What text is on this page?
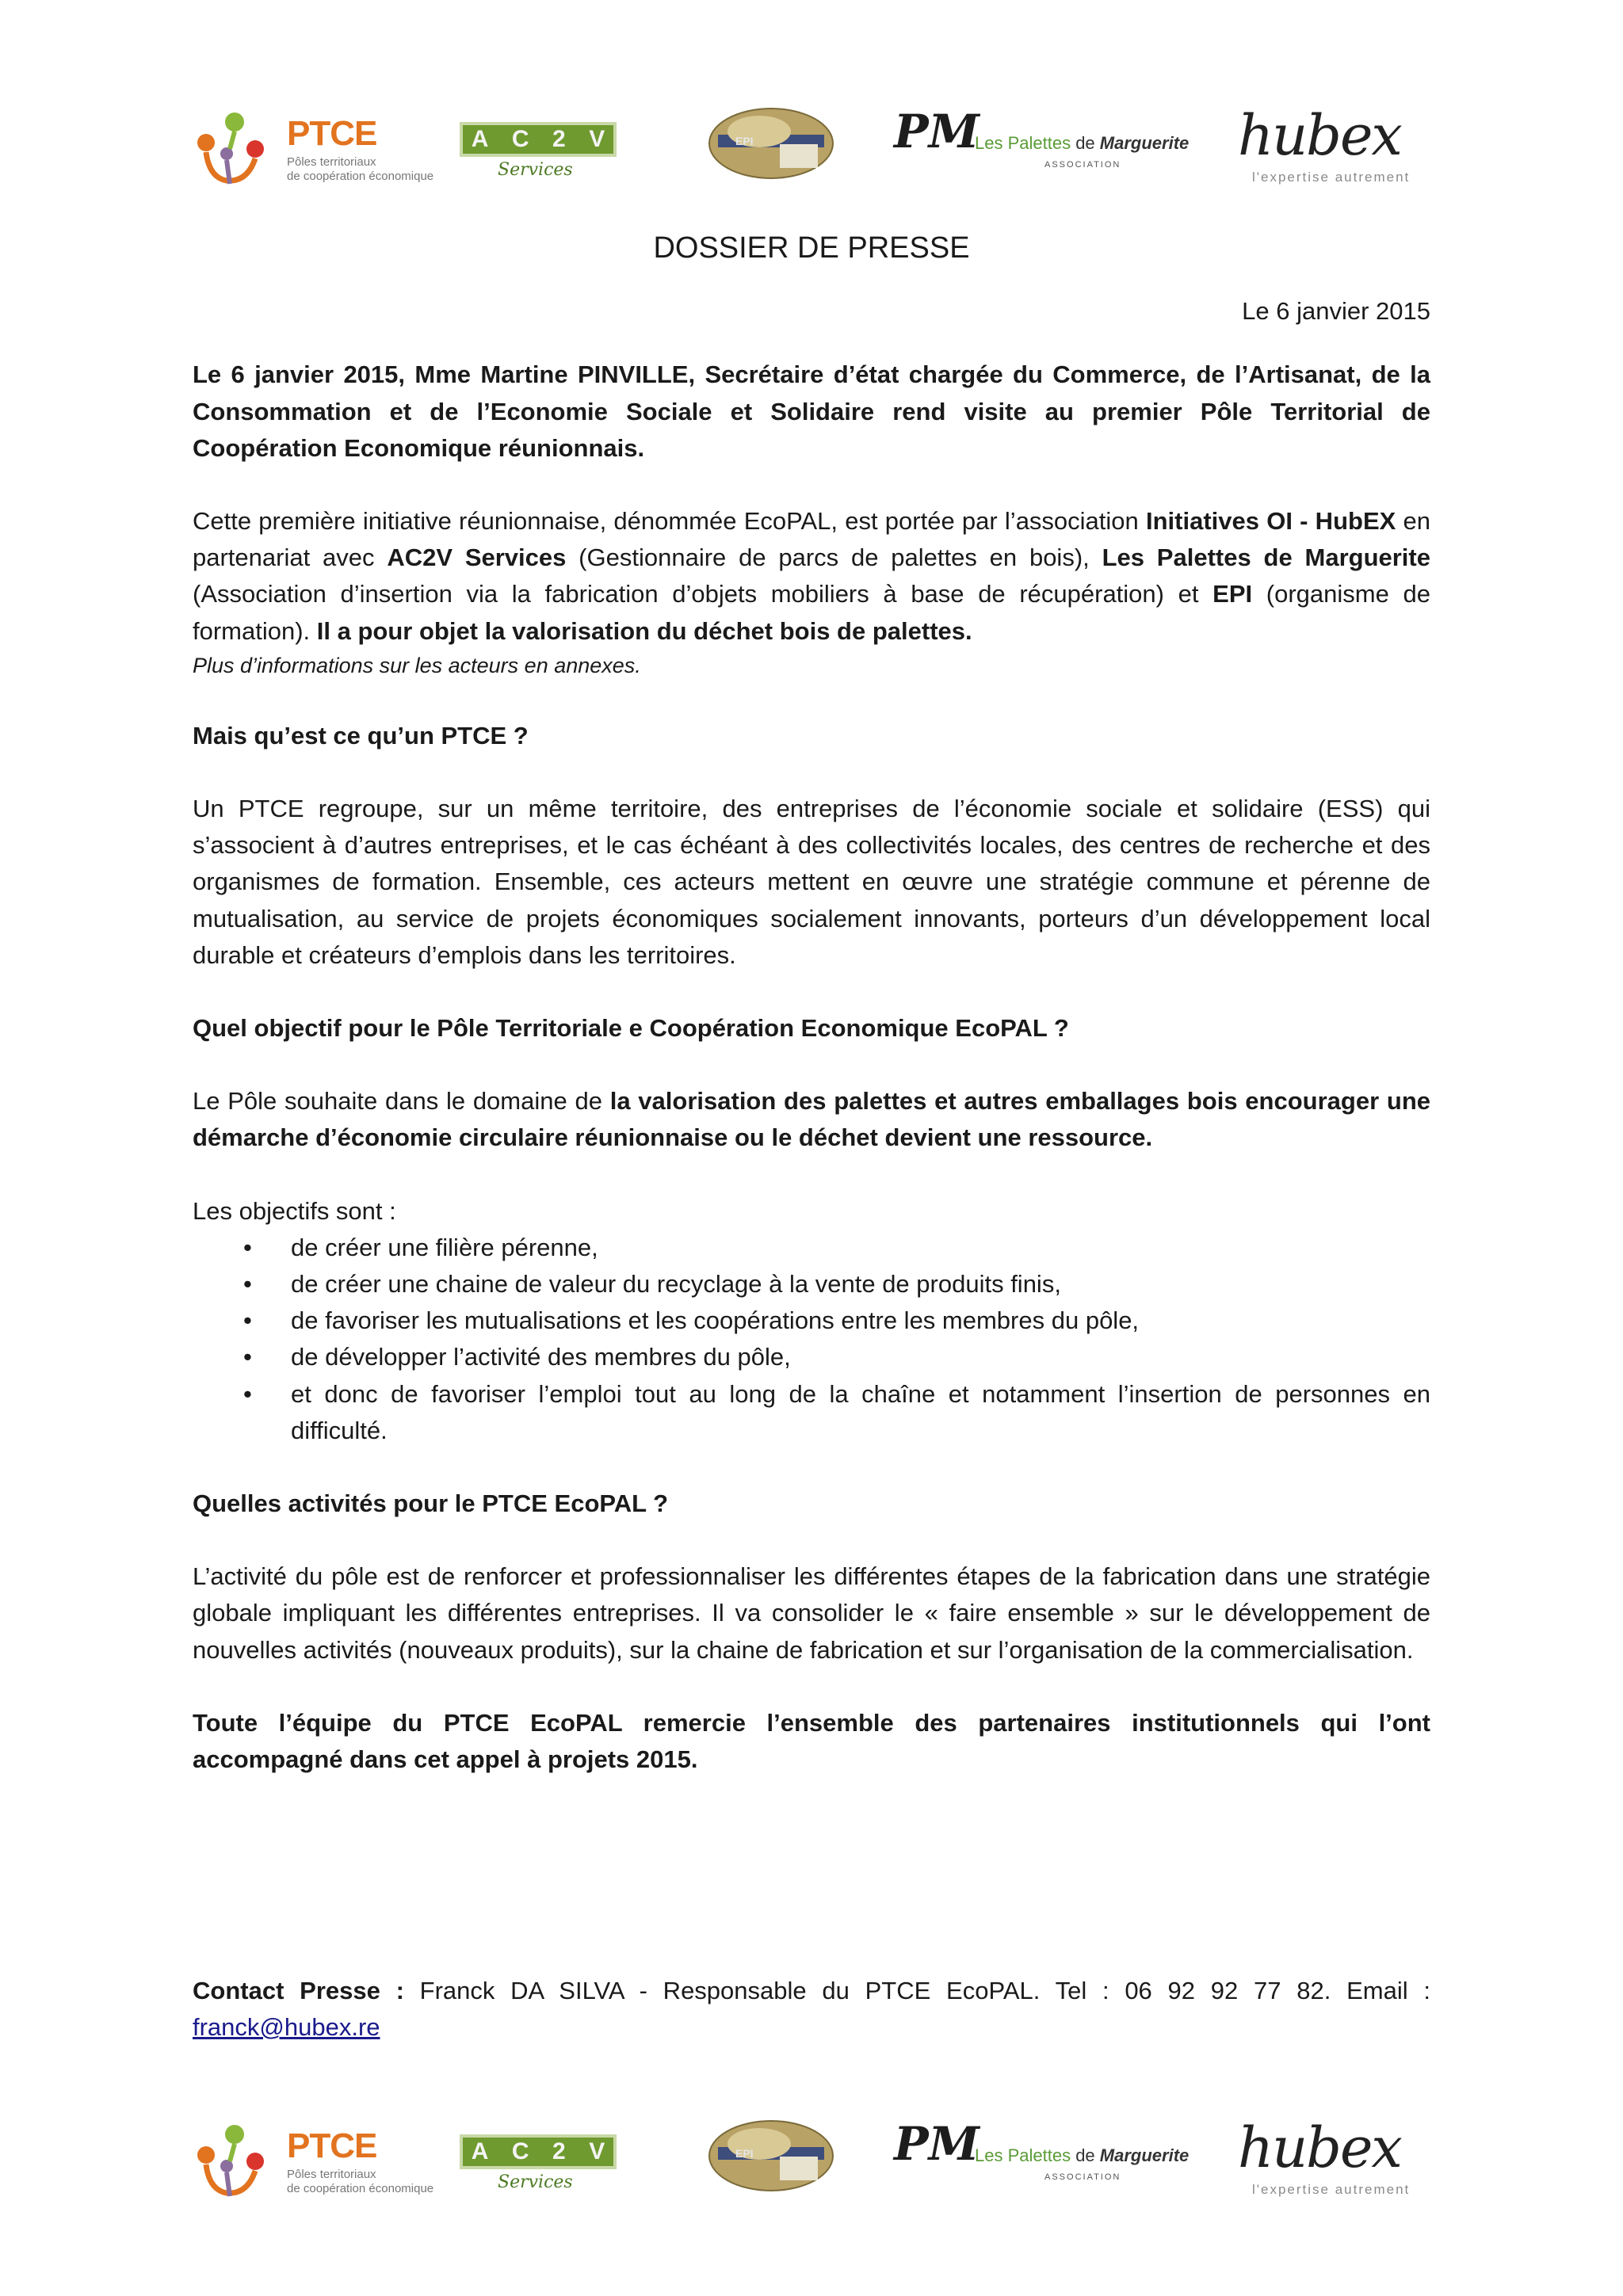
PTCE
Pôles territoriaux
de coopération économique
A C 2 V
Services
EPI	PM
Les Palettes de Marguerite
ASSOCIATION hubex
l'expertise autrement

DOSSIER DE PRESSE

Le 6 janvier 2015

Le 6 janvier 2015, Mme Martine PINVILLE, Secrétaire d’état chargée du Commerce, de l’Artisanat, de la Consommation et de l’Economie Sociale et Solidaire rend visite au premier Pôle Territorial de Coopération Economique réunionnais.

Cette première initiative réunionnaise, dénommée EcoPAL, est portée par l’association Initiatives OI - HubEX en partenariat avec AC2V Services (Gestionnaire de parcs de palettes en bois), Les Palettes de Marguerite (Association d’insertion via la fabrication d’objets mobiliers à base de récupération) et EPI (organisme de formation). Il a pour objet la valorisation du déchet bois de palettes.

Plus d’informations sur les acteurs en annexes.

Mais qu’est ce qu’un PTCE ?

Un PTCE regroupe, sur un même territoire, des entreprises de l’économie sociale et solidaire (ESS) qui s’associent à d’autres entreprises, et le cas échéant à des collectivités locales, des centres de recherche et des organismes de formation. Ensemble, ces acteurs mettent en œuvre une stratégie commune et pérenne de mutualisation, au service de projets économiques socialement innovants, porteurs d’un développement local durable et créateurs d’emplois dans les territoires.

Quel objectif pour le Pôle Territoriale e Coopération Economique EcoPAL ?

Le Pôle souhaite dans le domaine de la valorisation des palettes et autres emballages bois encourager une démarche d’économie circulaire réunionnaise ou le déchet devient une ressource.

Les objectifs sont :

• de créer une filière pérenne,
• de créer une chaine de valeur du recyclage à la vente de produits finis,
• de favoriser les mutualisations et les coopérations entre les membres du pôle,
• de développer l’activité des membres du pôle,
• et donc de favoriser l’emploi tout au long de la chaîne et notamment l’insertion de personnes en difficulté.

Quelles activités pour le PTCE EcoPAL ?

L’activité du pôle est de renforcer et professionnaliser les différentes étapes de la fabrication dans une stratégie globale impliquant les différentes entreprises. Il va consolider le « faire ensemble » sur le développement de nouvelles activités (nouveaux produits), sur la chaine de fabrication et sur l’organisation de la commercialisation.

Toute l’équipe du PTCE EcoPAL remercie l’ensemble des partenaires institutionnels qui l’ont accompagné dans cet appel à projets 2015.

Contact Presse : Franck DA SILVA - Responsable du PTCE EcoPAL. Tel : 06 92 92 77 82. Email : franck@hubex.re

PTCE
Pôles territoriaux
de coopération économique
A C 2 V
Services
EPI	PM
Les Palettes de Marguerite
ASSOCIATION hubex
l'expertise autrement
